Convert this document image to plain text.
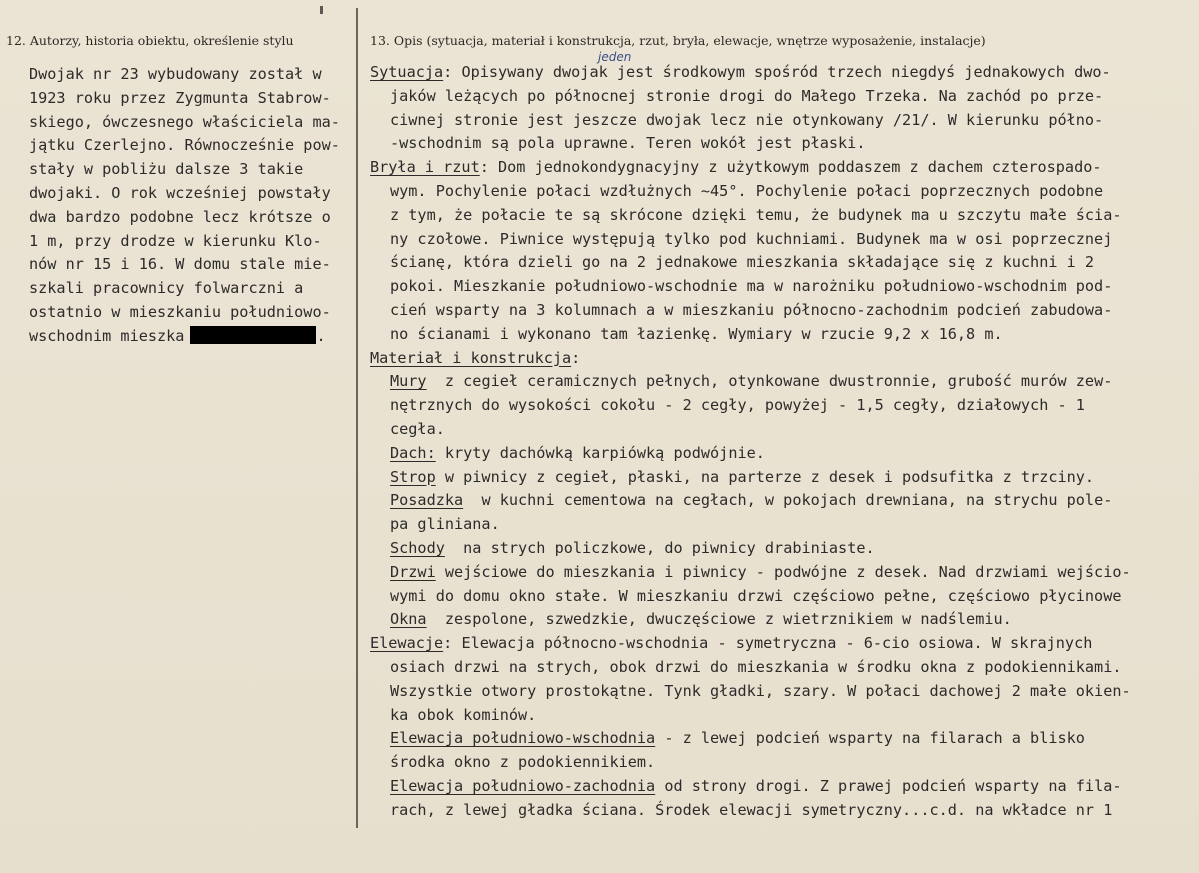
12. Autorzy, historia obiektu, określenie stylu	13. Opis (sytuacja, materiał i konstrukcja, rzut, bryła, elewacje, wnętrze wyposażenie, instalacje)
Dwojak nr 23 wybudowany został w
1923 roku przez Zygmunta Stabrow-
skiego, ówczesnego właściciela ma-
jątku Czerlejno. Równocześnie pow-
stały w pobliżu dalsze 3 takie
dwojaki. O rok wcześniej powstały
dwa bardzo podobne lecz krótsze o
1 m, przy drodze w kierunku Klo-
nów nr 15 i 16. W domu stale mie-
szkali pracownicy folwarczni a
ostatnio w mieszkaniu południowo-
wschodnim mieszka	.
Sytuacja: Opisywany dwojak jest środkowym spośród trzech niegdyś jednakowych dwo-
jaków leżących po północnej stronie drogi do Małego Trzeka. Na zachód po prze-
ciwnej stronie jest jeszcze dwojak lecz nie otynkowany /21/. W kierunku półno-
-wschodnim są pola uprawne. Teren wokół jest płaski.
Bryła i rzut: Dom jednokondygnacyjny z użytkowym poddaszem z dachem czterospado-
wym. Pochylenie połaci wzdłużnych ~45°. Pochylenie połaci poprzecznych podobne
z tym, że połacie te są skrócone dzięki temu, że budynek ma u szczytu małe ścia-
ny czołowe. Piwnice występują tylko pod kuchniami. Budynek ma w osi poprzecznej
ścianę, która dzieli go na 2 jednakowe mieszkania składające się z kuchni i 2
pokoi. Mieszkanie południowo-wschodnie ma w narożniku południowo-wschodnim pod-
cień wsparty na 3 kolumnach a w mieszkaniu północno-zachodnim podcień zabudowa-
no ścianami i wykonano tam łazienkę. Wymiary w rzucie 9,2 x 16,8 m.
Materiał i konstrukcja:
Mury  z cegieł ceramicznych pełnych, otynkowane dwustronnie, grubość murów zew-
nętrznych do wysokości cokołu - 2 cegły, powyżej - 1,5 cegły, działowych - 1
cegła.
Dach: kryty dachówką karpiówką podwójnie.
Strop w piwnicy z cegieł, płaski, na parterze z desek i podsufitka z trzciny.
Posadzka  w kuchni cementowa na cegłach, w pokojach drewniana, na strychu pole-
pa gliniana.
Schody  na strych policzkowe, do piwnicy drabiniaste.
Drzwi wejściowe do mieszkania i piwnicy - podwójne z desek. Nad drzwiami wejścio-
wymi do domu okno stałe. W mieszkaniu drzwi częściowo pełne, częściowo płycinowe
Okna  zespolone, szwedzkie, dwuczęściowe z wietrznikiem w nadślemiu.
Elewacje: Elewacja północno-wschodnia - symetryczna - 6-cio osiowa. W skrajnych
osiach drzwi na strych, obok drzwi do mieszkania w środku okna z podokiennikami.
Wszystkie otwory prostokątne. Tynk gładki, szary. W połaci dachowej 2 małe okien-
ka obok kominów.
Elewacja południowo-wschodnia - z lewej podcień wsparty na filarach a blisko
środka okno z podokiennikiem.
Elewacja południowo-zachodnia od strony drogi. Z prawej podcień wsparty na fila-
rach, z lewej gładka ściana. Środek elewacji symetryczny...c.d. na wkładce nr 1
jeden
